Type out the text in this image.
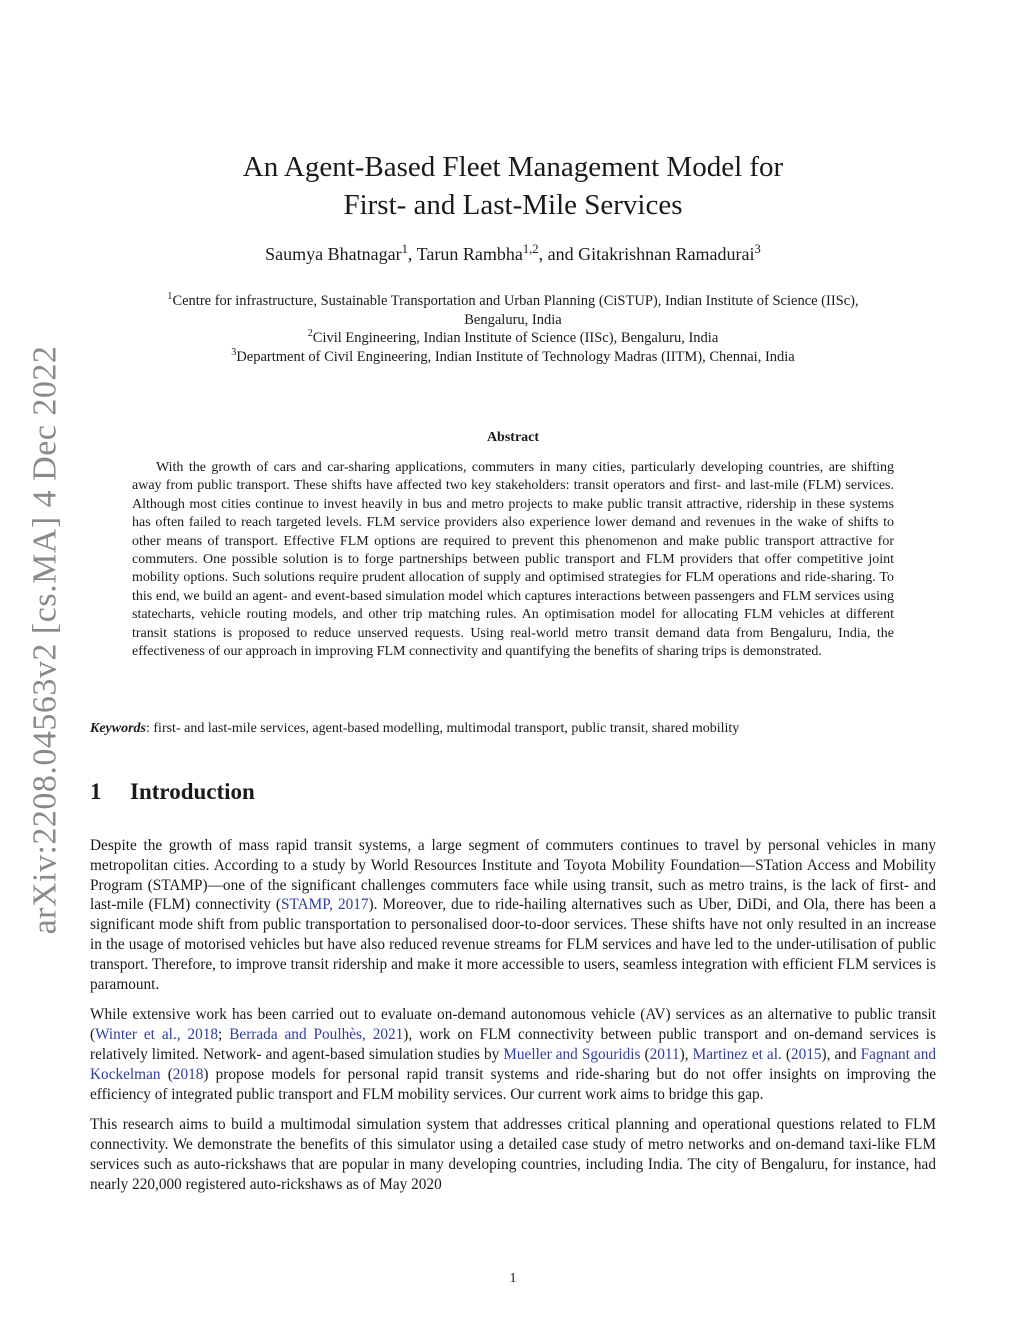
arXiv:2208.04563v2 [cs.MA] 4 Dec 2022
An Agent-Based Fleet Management Model for
First- and Last-Mile Services
Saumya Bhatnagar$^1$, Tarun Rambha$^{1,2}$, and Gitakrishnan Ramadurai$^3$
$^1$Centre for infrastructure, Sustainable Transportation and Urban Planning (CiSTUP), Indian Institute of Science (IISc),
Bengaluru, India
$^2$Civil Engineering, Indian Institute of Science (IISc), Bengaluru, India
$^3$Department of Civil Engineering, Indian Institute of Technology Madras (IITM), Chennai, India
Abstract
With the growth of cars and car-sharing applications, commuters in many cities, particularly developing countries, are shifting away from public transport. These shifts have affected two key stakeholders: transit operators and first- and last-mile (FLM) services. Although most cities continue to invest heavily in bus and metro projects to make public transit attractive, ridership in these systems has often failed to reach targeted levels. FLM service providers also experience lower demand and revenues in the wake of shifts to other means of transport. Effective FLM options are required to prevent this phenomenon and make public transport attractive for commuters. One possible solution is to forge partnerships between public transport and FLM providers that offer competitive joint mobility options. Such solutions require prudent allocation of supply and optimised strategies for FLM operations and ride-sharing. To this end, we build an agent- and event-based simulation model which captures interactions between passengers and FLM services using statecharts, vehicle routing models, and other trip matching rules. An optimisation model for allocating FLM vehicles at different transit stations is proposed to reduce unserved requests. Using real-world metro transit demand data from Bengaluru, India, the effectiveness of our approach in improving FLM connectivity and quantifying the benefits of sharing trips is demonstrated.
Keywords: first- and last-mile services, agent-based modelling, multimodal transport, public transit, shared mobility
1 Introduction

Despite the growth of mass rapid transit systems, a large segment of commuters continues to travel by personal vehicles in many metropolitan cities. According to a study by World Resources Institute and Toyota Mobility Foundation—STation Access and Mobility Program (STAMP)—one of the significant challenges commuters face while using transit, such as metro trains, is the lack of first- and last-mile (FLM) connectivity (STAMP, 2017). Moreover, due to ride-hailing alternatives such as Uber, DiDi, and Ola, there has been a significant mode shift from public transportation to personalised door-to-door services. These shifts have not only resulted in an increase in the usage of motorised vehicles but have also reduced revenue streams for FLM services and have led to the under-utilisation of public transport. Therefore, to improve transit ridership and make it more accessible to users, seamless integration with efficient FLM services is paramount.

While extensive work has been carried out to evaluate on-demand autonomous vehicle (AV) services as an alternative to public transit (Winter et al., 2018; Berrada and Poulhès, 2021), work on FLM connectivity between public transport and on-demand services is relatively limited. Network- and agent-based simulation studies by Mueller and Sgouridis (2011), Martinez et al. (2015), and Fagnant and Kockelman (2018) propose models for personal rapid transit systems and ride-sharing but do not offer insights on improving the efficiency of integrated public transport and FLM mobility services. Our current work aims to bridge this gap.

This research aims to build a multimodal simulation system that addresses critical planning and operational questions related to FLM connectivity. We demonstrate the benefits of this simulator using a detailed case study of metro networks and on-demand taxi-like FLM services such as auto-rickshaws that are popular in many developing countries, including India. The city of Bengaluru, for instance, had nearly 220,000 registered auto-rickshaws as of May 2020

1
